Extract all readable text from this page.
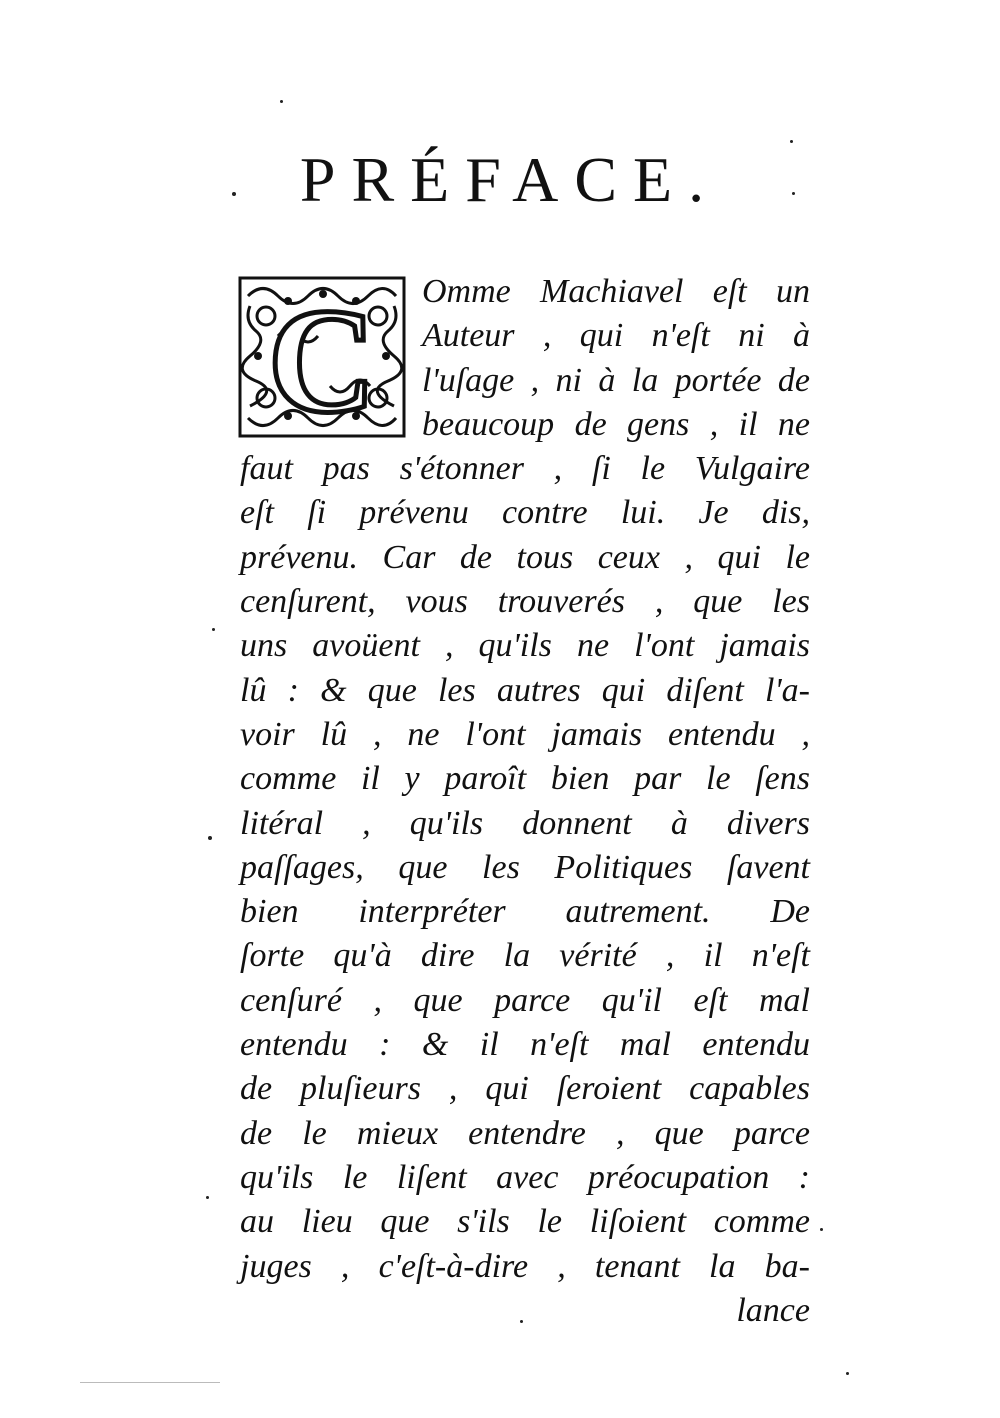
PRÉFACE.
C Omme Machiavel eſt un
Auteur , qui n'eſt ni à
l'uſage , ni à la portée de
beaucoup de gens , il ne
faut pas s'étonner , ſi le Vulgaire
eſt ſi prévenu contre lui. Je dis,
prévenu. Car de tous ceux , qui le
cenſurent, vous trouverés , que les
uns avoüent , qu'ils ne l'ont jamais
lû : & que les autres qui diſent l'a-
voir lû , ne l'ont jamais entendu ,
comme il y paroît bien par le ſens
litéral , qu'ils donnent à divers
paſſages, que les Politiques ſavent
bien interpréter autrement. De
ſorte qu'à dire la vérité , il n'eſt
cenſuré , que parce qu'il eſt mal
entendu : & il n'eſt mal entendu
de pluſieurs , qui ſeroient capables
de le mieux entendre , que parce
qu'ils le liſent avec préocupation :
au lieu que s'ils le liſoient comme
juges , c'eſt-à-dire , tenant la ba-
lance
